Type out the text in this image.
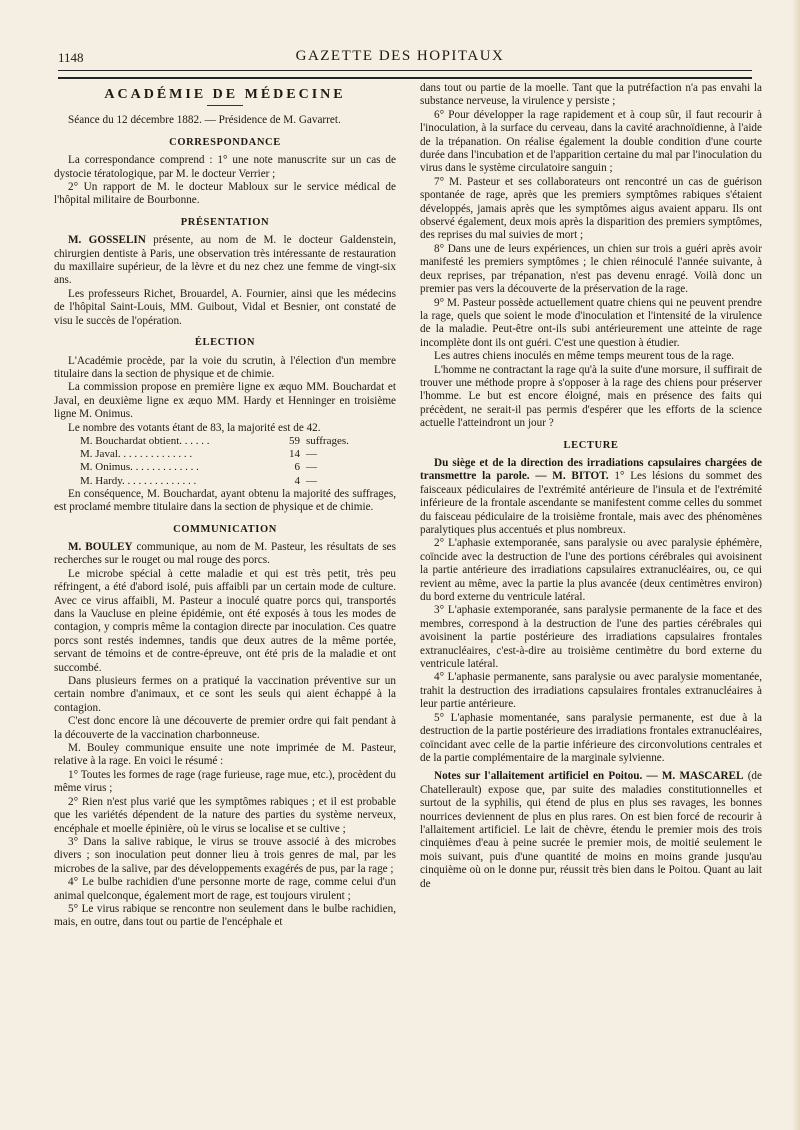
1148	GAZETTE DES HOPITAUX
ACADÉMIE DE MÉDECINE

Séance du 12 décembre 1882. — Présidence de M. Gavarret.

CORRESPONDANCE

La correspondance comprend : 1° une note manuscrite sur un cas de dystocie tératologique, par M. le docteur Verrier ;

2° Un rapport de M. le docteur Mabloux sur le service médical de l'hôpital militaire de Bourbonne.

PRÉSENTATION

M. GOSSELIN présente, au nom de M. le docteur Galdenstein, chirurgien dentiste à Paris, une observation très intéressante de restauration du maxillaire supérieur, de la lèvre et du nez chez une femme de vingt-six ans.

Les professeurs Richet, Brouardel, A. Fournier, ainsi que les médecins de l'hôpital Saint-Louis, MM. Guibout, Vidal et Besnier, ont constaté de visu le succès de l'opération.

ÉLECTION

L'Académie procède, par la voie du scrutin, à l'élection d'un membre titulaire dans la section de physique et de chimie.

La commission propose en première ligne ex æquo MM. Bouchardat et Javal, en deuxième ligne ex æquo MM. Hardy et Henninger en troisième ligne M. Onimus.

Le nombre des votants étant de 83, la majorité est de 42.

M. Bouchardat obtient. . . . . .	59 suffrages.
M. Javal. . . . . . . . . . . . . .	14 —
M. Onimus. . . . . . . . . . . . .	6 —
M. Hardy. . . . . . . . . . . . . .	4 —

En conséquence, M. Bouchardat, ayant obtenu la majorité des suffrages, est proclamé membre titulaire dans la section de physique et de chimie.

COMMUNICATION

M. BOULEY communique, au nom de M. Pasteur, les résultats de ses recherches sur le rouget ou mal rouge des porcs.

Le microbe spécial à cette maladie et qui est très petit, très peu réfringent, a été d'abord isolé, puis affaibli par un certain mode de culture. Avec ce virus affaibli, M. Pasteur a inoculé quatre porcs qui, transportés dans la Vaucluse en pleine épidémie, ont été exposés à tous les modes de contagion, y compris même la contagion directe par inoculation. Ces quatre porcs sont restés indemnes, tandis que deux autres de la même portée, servant de témoins et de contre-épreuve, ont été pris de la maladie et ont succombé.

Dans plusieurs fermes on a pratiqué la vaccination préventive sur un certain nombre d'animaux, et ce sont les seuls qui aient échappé à la contagion.

C'est donc encore là une découverte de premier ordre qui fait pendant à la découverte de la vaccination charbonneuse.

M. Bouley communique ensuite une note imprimée de M. Pasteur, relative à la rage. En voici le résumé :

1° Toutes les formes de rage (rage furieuse, rage mue, etc.), procèdent du même virus ;

2° Rien n'est plus varié que les symptômes rabiques ; et il est probable que les variétés dépendent de la nature des parties du système nerveux, encéphale et moelle épinière, où le virus se localise et se cultive ;

3° Dans la salive rabique, le virus se trouve associé à des microbes divers ; son inoculation peut donner lieu à trois genres de mal, par les microbes de la salive, par des développements exagérés de pus, par la rage ;

4° Le bulbe rachidien d'une personne morte de rage, comme celui d'un animal quelconque, également mort de rage, est toujours virulent ;

5° Le virus rabique se rencontre non seulement dans le bulbe rachidien, mais, en outre, dans tout ou partie de l'encéphale et

dans tout ou partie de la moelle. Tant que la putréfaction n'a pas envahi la substance nerveuse, la virulence y persiste ;

6° Pour développer la rage rapidement et à coup sûr, il faut recourir à l'inoculation, à la surface du cerveau, dans la cavité arachnoïdienne, à l'aide de la trépanation. On réalise également la double condition d'une courte durée dans l'incubation et de l'apparition certaine du mal par l'inoculation du virus dans le système circulatoire sanguin ;

7° M. Pasteur et ses collaborateurs ont rencontré un cas de guérison spontanée de rage, après que les premiers symptômes rabiques s'étaient développés, jamais après que les symptômes aigus avaient apparu. Ils ont observé également, deux mois après la disparition des premiers symptômes, des reprises du mal suivies de mort ;

8° Dans une de leurs expériences, un chien sur trois a guéri après avoir manifesté les premiers symptômes ; le chien réinoculé l'année suivante, à deux reprises, par trépanation, n'est pas devenu enragé. Voilà donc un premier pas vers la découverte de la préservation de la rage.

9° M. Pasteur possède actuellement quatre chiens qui ne peuvent prendre la rage, quels que soient le mode d'inoculation et l'intensité de la virulence de la maladie. Peut-être ont-ils subi antérieurement une atteinte de rage incomplète dont ils ont guéri. C'est une question à étudier.

Les autres chiens inoculés en même temps meurent tous de la rage.

L'homme ne contractant la rage qu'à la suite d'une morsure, il suffirait de trouver une méthode propre à s'opposer à la rage des chiens pour préserver l'homme. Le but est encore éloigné, mais en présence des faits qui précèdent, ne serait-il pas permis d'espérer que les efforts de la science actuelle l'atteindront un jour ?

LECTURE

Du siège et de la direction des irradiations capsulaires chargées de transmettre la parole. — M. BITOT. 1° Les lésions du sommet des faisceaux pédiculaires de l'extrémité antérieure de l'insula et de l'extrémité inférieure de la frontale ascendante se manifestent comme celles du sommet du faisceau pédiculaire de la troisième frontale, mais avec des phénomènes paralytiques plus accentués et plus nombreux.

2° L'aphasie extemporanée, sans paralysie ou avec paralysie éphémère, coïncide avec la destruction de l'une des portions cérébrales qui avoisinent la partie antérieure des irradiations capsulaires extranucléaires, ou, ce qui revient au même, avec la partie la plus avancée (deux centimètres environ) du bord externe du ventricule latéral.

3° L'aphasie extemporanée, sans paralysie permanente de la face et des membres, correspond à la destruction de l'une des parties cérébrales qui avoisinent la partie postérieure des irradiations capsulaires frontales extranucléaires, c'est-à-dire au troisième centimètre du bord externe du ventricule latéral.

4° L'aphasie permanente, sans paralysie ou avec paralysie momentanée, trahit la destruction des irradiations capsulaires frontales extranucléaires à leur partie antérieure.

5° L'aphasie momentanée, sans paralysie permanente, est due à la destruction de la partie postérieure des irradiations frontales extranucléaires, coïncidant avec celle de la partie inférieure des circonvolutions centrales et de la partie complémentaire de la marginale sylvienne.

Notes sur l'allaitement artificiel en Poitou. — M. MASCAREL (de Chatellerault) expose que, par suite des maladies constitutionnelles et surtout de la syphilis, qui étend de plus en plus ses ravages, les bonnes nourrices deviennent de plus en plus rares. On est bien forcé de recourir à l'allaitement artificiel. Le lait de chèvre, étendu le premier mois des trois cinquièmes d'eau à peine sucrée le premier mois, de moitié seulement le mois suivant, puis d'une quantité de moins en moins grande jusqu'au cinquième où on le donne pur, réussit très bien dans le Poitou. Quant au lait de
